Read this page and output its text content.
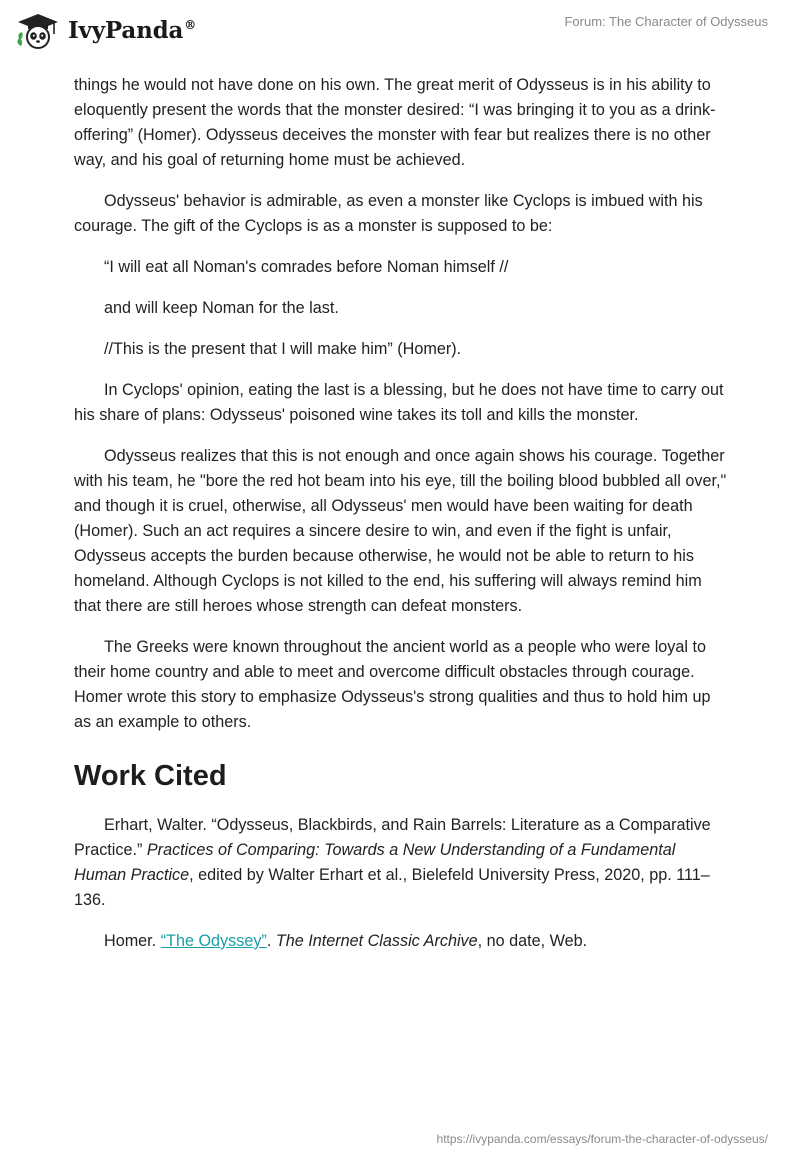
IvyPanda®	Forum: The Character of Odysseus

things he would not have done on his own. The great merit of Odysseus is in his ability to eloquently present the words that the monster desired: “I was bringing it to you as a drink-offering” (Homer). Odysseus deceives the monster with fear but realizes there is no other way, and his goal of returning home must be achieved.

Odysseus' behavior is admirable, as even a monster like Cyclops is imbued with his courage. The gift of the Cyclops is as a monster is supposed to be:

“I will eat all Noman's comrades before Noman himself //

and will keep Noman for the last.

//This is the present that I will make him” (Homer).

In Cyclops' opinion, eating the last is a blessing, but he does not have time to carry out his share of plans: Odysseus' poisoned wine takes its toll and kills the monster.

Odysseus realizes that this is not enough and once again shows his courage. Together with his team, he "bore the red hot beam into his eye, till the boiling blood bubbled all over," and though it is cruel, otherwise, all Odysseus' men would have been waiting for death (Homer). Such an act requires a sincere desire to win, and even if the fight is unfair, Odysseus accepts the burden because otherwise, he would not be able to return to his homeland. Although Cyclops is not killed to the end, his suffering will always remind him that there are still heroes whose strength can defeat monsters.

The Greeks were known throughout the ancient world as a people who were loyal to their home country and able to meet and overcome difficult obstacles through courage. Homer wrote this story to emphasize Odysseus's strong qualities and thus to hold him up as an example to others.

Work Cited

Erhart, Walter. “Odysseus, Blackbirds, and Rain Barrels: Literature as a Comparative Practice.” Practices of Comparing: Towards a New Understanding of a Fundamental Human Practice, edited by Walter Erhart et al., Bielefeld University Press, 2020, pp. 111–136.

Homer. “The Odyssey”. The Internet Classic Archive, no date, Web.

https://ivypanda.com/essays/forum-the-character-of-odysseus/
